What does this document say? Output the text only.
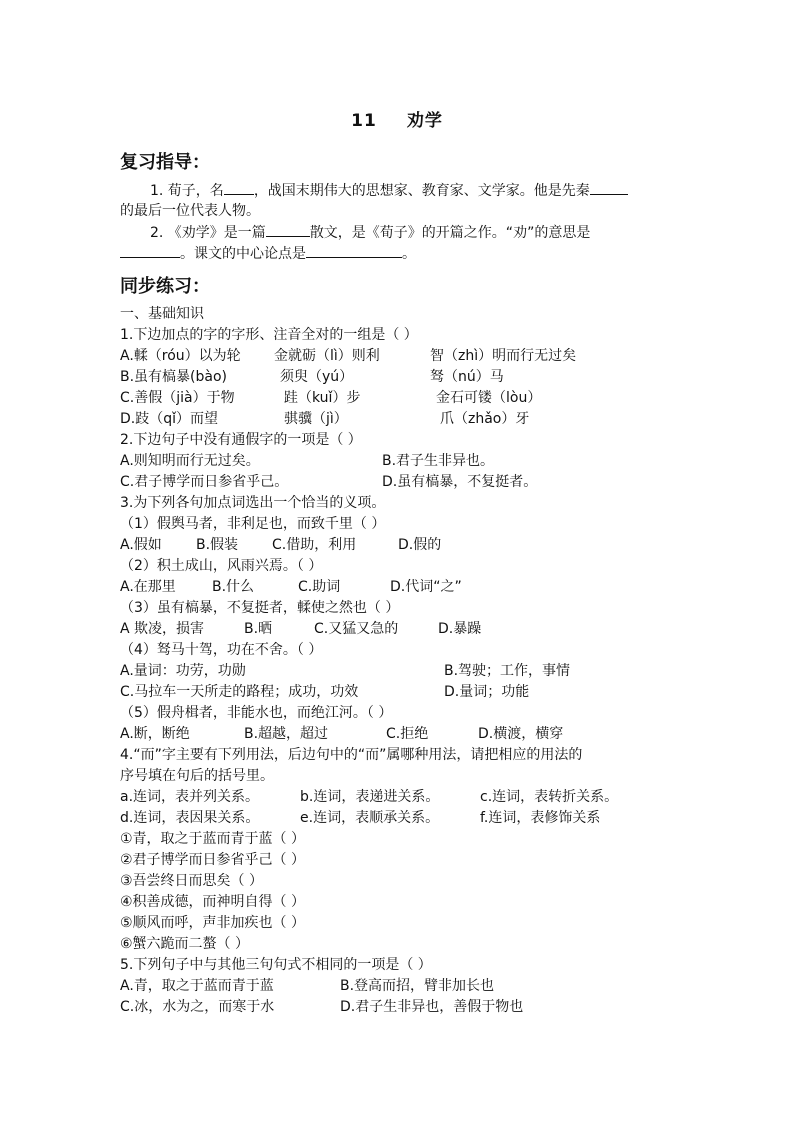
11 劝学
复习指导：
1. 荀子，名 ，战国末期伟大的思想家、教育家、文学家。他是先秦
的最后一位代表人物。
2. 《劝学》是一篇	散文，是《荀子》的开篇之作。“劝”的意思是
。课文的中心论点是	。
同步练习：
一、基础知识
1.下边加点的字的字形、注音全对的一组是（ ）
A.輮（róu）以为轮 金就砺（lì）则利	智（zhì）明而行无过矣
B.虽有槁暴(bào)	须臾（yú）	驽（nú）马
C.善假（jià）于物	跬（kuǐ）步	金石可镂（lòu）
D.跂（qǐ）而望	骐骥（jì）	爪（zhǎo）牙
2.下边句子中没有通假字的一项是（ ）
A.则知明而行无过矣。	B.君子生非异也。
C.君子博学而日参省乎己。	D.虽有槁暴，不复挺者。
3.为下列各句加点词选出一个恰当的义项。
（1）假舆马者，非利足也，而致千里（ ）
A.假如 B.假装 C.借助，利用	D.假的
（2）积土成山，风雨兴焉。（ ）
A.在那里	B.什么	C.助词	D.代词“之”
（3）虽有槁暴，不复挺者，輮使之然也（ ）
A 欺凌，损害	B.晒	C.又猛又急的	D.暴躁
（4）驽马十驾，功在不舍。（ ）
A.量词：功劳，功勋	B.驾驶；工作，事情
C.马拉车一天所走的路程；成功，功效	D.量词；功能
（5）假舟楫者，非能水也，而绝江河。（ ）
A.断，断绝	B.超越，超过	C.拒绝	D.横渡，横穿
4.“而”字主要有下列用法，后边句中的“而”属哪种用法，请把相应的用法的
序号填在句后的括号里。
a.连词，表并列关系。	b.连词，表递进关系。	c.连词，表转折关系。
d.连词，表因果关系。	e.连词，表顺承关系。	f.连词，表修饰关系
①青，取之于蓝而青于蓝（ ）
②君子博学而日参省乎己（ ）
③吾尝终日而思矣（ ）
④积善成德，而神明自得（ ）
⑤顺风而呼，声非加疾也（ ）
⑥蟹六跪而二螯（ ）
5.下列句子中与其他三句句式不相同的一项是（ ）
A.青，取之于蓝而青于蓝	B.登高而招，臂非加长也
C.冰，水为之，而寒于水	D.君子生非异也，善假于物也
